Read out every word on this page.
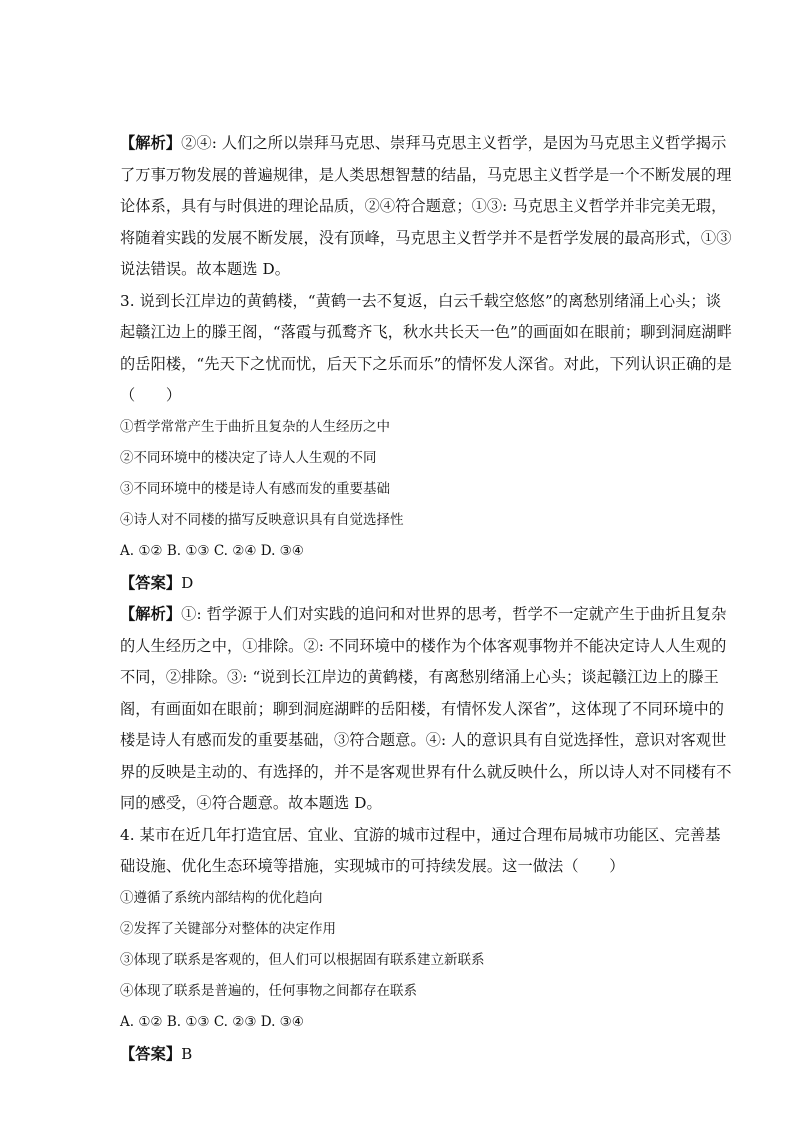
【解析】②④: 人们之所以崇拜马克思、崇拜马克思主义哲学，是因为马克思主义哲学揭示
了万事万物发展的普遍规律，是人类思想智慧的结晶，马克思主义哲学是一个不断发展的理
论体系，具有与时俱进的理论品质，②④符合题意；①③: 马克思主义哲学并非完美无瑕，
将随着实践的发展不断发展，没有顶峰，马克思主义哲学并不是哲学发展的最高形式，①③
说法错误。故本题选 D。
3. 说到长江岸边的黄鹤楼，“黄鹤一去不复返，白云千载空悠悠”的离愁别绪涌上心头；谈
起赣江边上的滕王阁，“落霞与孤鹜齐飞，秋水共长天一色”的画面如在眼前；聊到洞庭湖畔
的岳阳楼，“先天下之忧而忧，后天下之乐而乐”的情怀发人深省。对此，下列认识正确的是
（　　）
①哲学常常产生于曲折且复杂的人生经历之中
②不同环境中的楼决定了诗人人生观的不同
③不同环境中的楼是诗人有感而发的重要基础
④诗人对不同楼的描写反映意识具有自觉选择性
A. ①② B. ①③ C. ②④ D. ③④
【答案】D
【解析】①: 哲学源于人们对实践的追问和对世界的思考，哲学不一定就产生于曲折且复杂
的人生经历之中，①排除。②: 不同环境中的楼作为个体客观事物并不能决定诗人人生观的
不同，②排除。③: “说到长江岸边的黄鹤楼，有离愁别绪涌上心头；谈起赣江边上的滕王
阁，有画面如在眼前；聊到洞庭湖畔的岳阳楼，有情怀发人深省”，这体现了不同环境中的
楼是诗人有感而发的重要基础，③符合题意。④: 人的意识具有自觉选择性，意识对客观世
界的反映是主动的、有选择的，并不是客观世界有什么就反映什么，所以诗人对不同楼有不
同的感受，④符合题意。故本题选 D。
4. 某市在近几年打造宜居、宜业、宜游的城市过程中，通过合理布局城市功能区、完善基
础设施、优化生态环境等措施，实现城市的可持续发展。这一做法（　　）
①遵循了系统内部结构的优化趋向
②发挥了关键部分对整体的决定作用
③体现了联系是客观的，但人们可以根据固有联系建立新联系
④体现了联系是普遍的，任何事物之间都存在联系
A. ①② B. ①③ C. ②③ D. ③④
【答案】B
